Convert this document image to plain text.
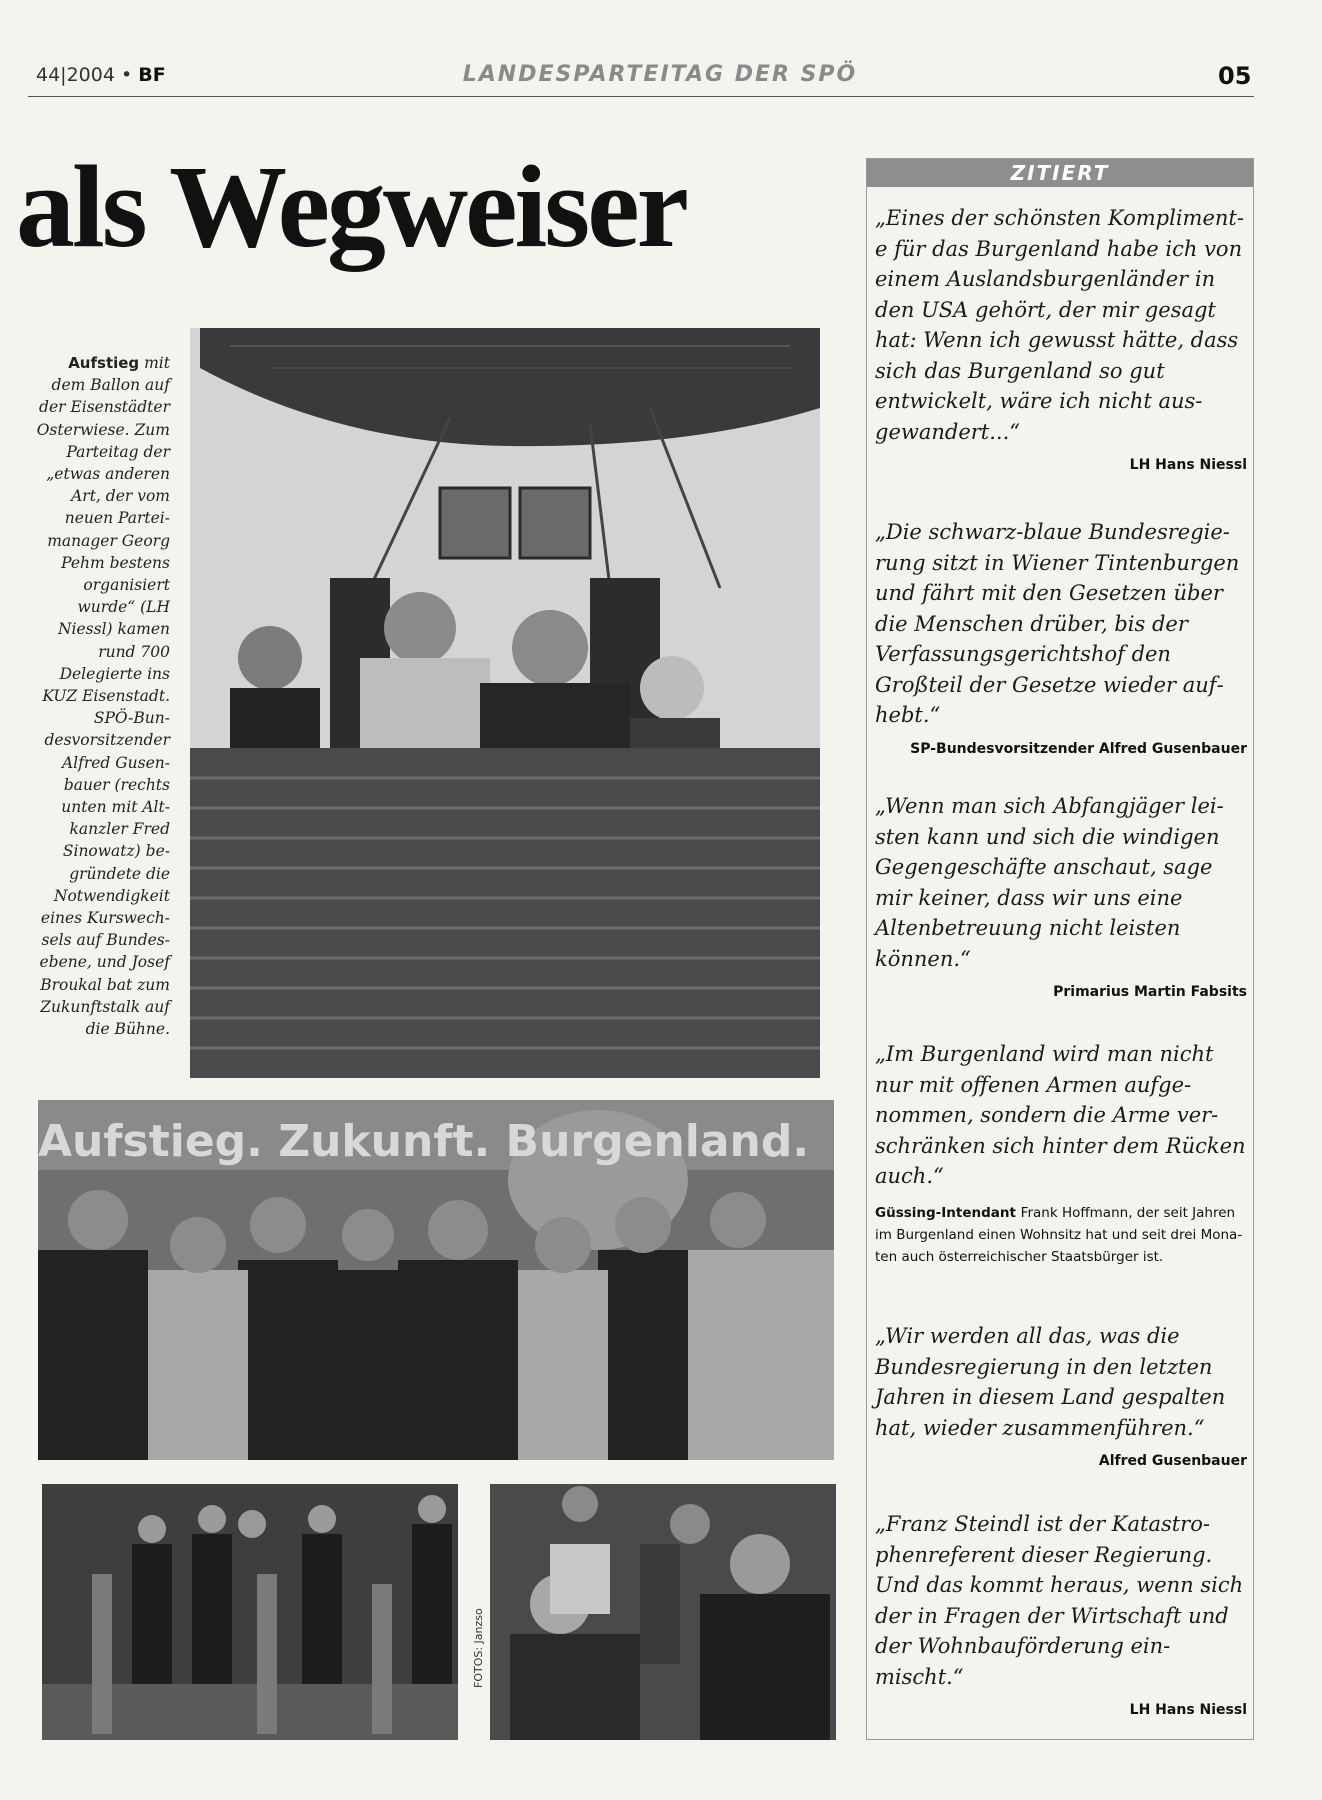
44|2004 • BF	LANDESPARTEITAG DER SPÖ	05
als Wegweiser
Aufstieg mit dem Ballon auf der Eisenstädter Osterwiese. Zum Parteitag der „etwas anderen Art, der vom neuen Parteimanager Georg Pehm bestens organisiert wurde“ (LH Niessl) kamen rund 700 Delegierte ins KUZ Eisenstadt. SPÖ-Bundesvorsitzender Alfred Gusenbauer (rechts unten mit Altkanzler Fred Sinowatz) begründete die Notwendigkeit eines Kurswechsels auf Bundesebene, und Josef Broukal bat zum Zukunftstalk auf die Bühne.
Aufstieg. Zukunft. Burgenland.
FOTOS: Janzso
ZITIERT

„Eines der schönsten Komplimente für das Burgenland habe ich von einem Auslandsburgenländer in den USA gehört, der mir gesagt hat: Wenn ich gewusst hätte, dass sich das Burgenland so gut entwickelt, wäre ich nicht ausgewandert...“

LH Hans Niessl

„Die schwarz-blaue Bundesregierung sitzt in Wiener Tintenburgen und fährt mit den Gesetzen über die Menschen drüber, bis der Verfassungsgerichtshof den Großteil der Gesetze wieder aufhebt.“

SP-Bundesvorsitzender Alfred Gusenbauer

„Wenn man sich Abfangjäger leisten kann und sich die windigen Gegengeschäfte anschaut, sage mir keiner, dass wir uns eine Altenbetreuung nicht leisten können.“

Primarius Martin Fabsits

„Im Burgenland wird man nicht nur mit offenen Armen aufgenommen, sondern die Arme verschränken sich hinter dem Rücken auch.“

Güssing-Intendant Frank Hoffmann, der seit Jahren im Burgenland einen Wohnsitz hat und seit drei Monaten auch österreichischer Staatsbürger ist.

„Wir werden all das, was die Bundesregierung in den letzten Jahren in diesem Land gespalten hat, wieder zusammenführen.“

Alfred Gusenbauer

„Franz Steindl ist der Katastrophenreferent dieser Regierung. Und das kommt heraus, wenn sich der in Fragen der Wirtschaft und der Wohnbauförderung einmischt.“

LH Hans Niessl
